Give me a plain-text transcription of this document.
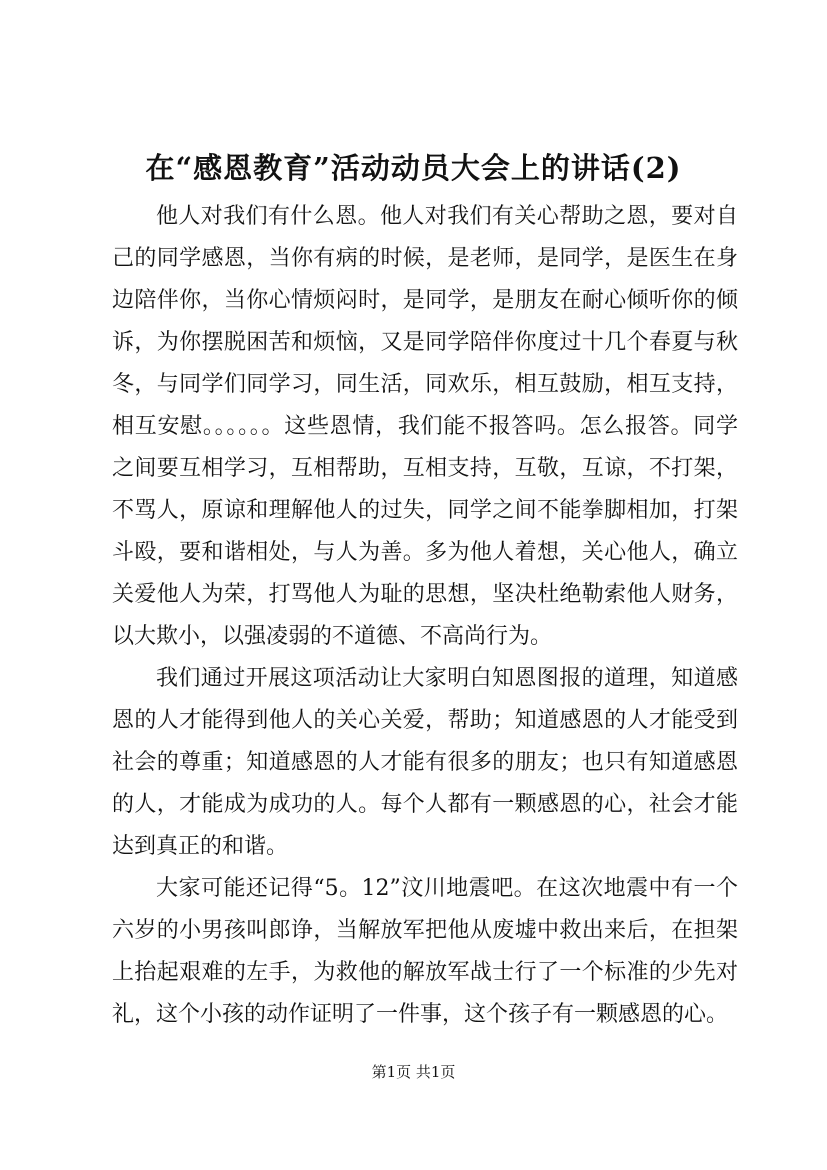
在“感恩教育”活动动员大会上的讲话(2)

他人对我们有什么恩。他人对我们有关心帮助之恩，要对自己的同学感恩，当你有病的时候，是老师，是同学，是医生在身边陪伴你，当你心情烦闷时，是同学，是朋友在耐心倾听你的倾诉，为你摆脱困苦和烦恼，又是同学陪伴你度过十几个春夏与秋冬，与同学们同学习，同生活，同欢乐，相互鼓励，相互支持，相互安慰。。。。。。这些恩情，我们能不报答吗。怎么报答。同学之间要互相学习，互相帮助，互相支持，互敬，互谅，不打架，不骂人，原谅和理解他人的过失，同学之间不能拳脚相加，打架斗殴，要和谐相处，与人为善。多为他人着想，关心他人，确立关爱他人为荣，打骂他人为耻的思想，坚决杜绝勒索他人财务，以大欺小，以强凌弱的不道德、不高尚行为。

我们通过开展这项活动让大家明白知恩图报的道理，知道感恩的人才能得到他人的关心关爱，帮助；知道感恩的人才能受到社会的尊重；知道感恩的人才能有很多的朋友；也只有知道感恩的人，才能成为成功的人。每个人都有一颗感恩的心，社会才能达到真正的和谐。

大家可能还记得“5。12”汶川地震吧。在这次地震中有一个六岁的小男孩叫郎诤，当解放军把他从废墟中救出来后，在担架上抬起艰难的左手，为救他的解放军战士行了一个标准的少先对礼，这个小孩的动作证明了一件事，这个孩子有一颗感恩的心。

第1页 共1页
